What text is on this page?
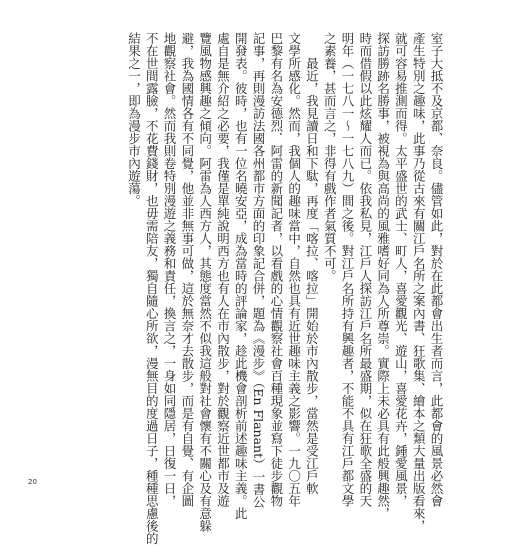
室子大抵不及京都、奈良。儘管如此，對於在此都會出生者而言，此都會的風景必然會
產生特別之趣味，此事乃從古來有關江戶名所之案內書、狂歌集、繪本之類大量出版看來，
就可容易推測而得。太平盛世的武士、町人，喜愛觀光、遊山，喜愛花卉，鍾愛風景，
探訪勝跡名勝事，被視為與高尚的風雅嗜好同為人所尊崇。實際上未必具有此般興趣然，
時而借假以此炫耀人而已。依我私見，江戶人探訪江戶名所最盛期，似在狂歌全盛的天
明年（一七八一～一七八九）間之後。對江戶名所持有興趣者，不能不具有江戶都文學
之素養，甚而言之，非得有戲作者氣質不可。
　　最近，我見讀日和下駄，再度「喀拉、喀拉」開始於市內散步，當然是受江戶軟
文學所感化。然而，我個人的趣味當中，自然也具有近世趣味主義之影響。一九〇五年
巴黎有名為安德烈．阿雷的新聞記者，以看戲的心情觀察社會百種現象並寫下徒步觀物
記事，再則漫訪法國各州都市方面的印象記合併，題為《漫步》（En Flanant）一書公
開發表。彼時，也有一位名曉安亞，成為當時的評論家，趁此機會剖析前述趣味主義。此
處自是無介紹之必要，我僅是單純說明西方也有人在市內散步，對於觀察近世都市及遊
覽風物感興趣之傾向。阿雷為人西方人，其態度當然不似我這般對社會懷有不關心及有意躲
避，我為國情各有不同覺，他並非無事可做，這於無奈才去散步，而是有自覺、有企圖
地觀察社會。然而我則卷特別漫遊之義務和責任，換言之，一身如同隱居，日復一日，
不在世間露臉，不花費錢財，也毋需陪友，獨自隨心所欲，漫無目的度過日子，種種思慮後的
結果之一，即為漫步市內遊蕩。
20
